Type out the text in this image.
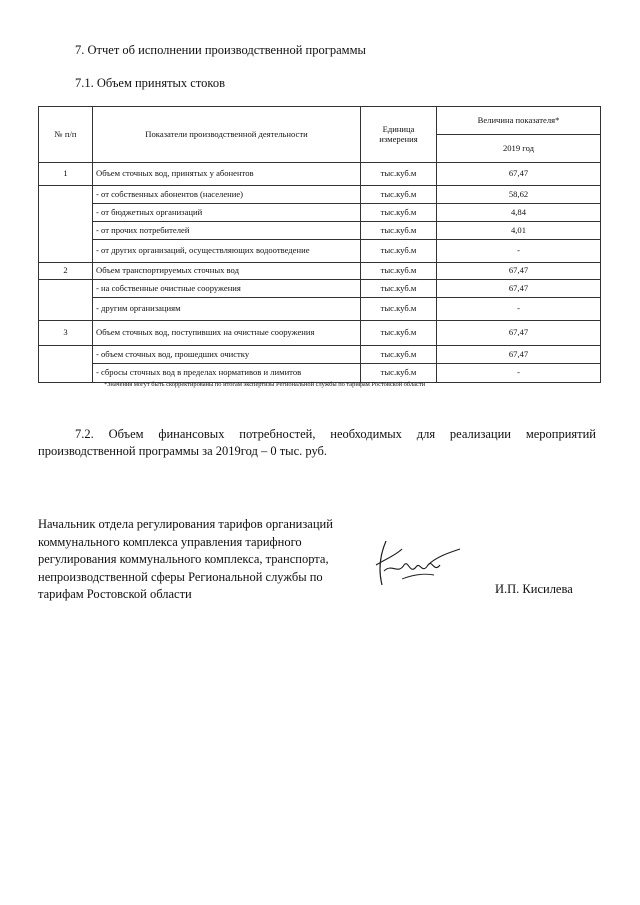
7. Отчет об исполнении производственной программы
7.1. Объем принятых стоков
№ п/п	Показатели производственной деятельности	Единица измерения	Величина показателя*
			2019 год
1	Объем сточных вод, принятых у абонентов	тыс.куб.м	67,47
	- от собственных абонентов (население)	тыс.куб.м	58,62
	- от бюджетных организаций	тыс.куб.м	4,84
	- от прочих потребителей	тыс.куб.м	4,01
	- от других организаций, осуществляющих водоотведение	тыс.куб.м	-
2	Объем транспортируемых сточных вод	тыс.куб.м	67,47
	- на собственные очистные сооружения	тыс.куб.м	67,47
	- другим организациям	тыс.куб.м	-
3	Объем сточных вод, поступивших на очистные сооружения	тыс.куб.м	67,47
	- объем сточных вод, прошедших очистку	тыс.куб.м	67,47
	- сбросы сточных вод в пределах нормативов и лимитов	тыс.куб.м	-
*Значения могут быть скорректированы по итогам экспертизы Региональной службы по тарифам Ростовской области
7.2. Объем финансовых потребностей, необходимых для реализации мероприятий производственной программы за 2019год – 0 тыс. руб.
Начальник отдела регулирования тарифов организаций
коммунального комплекса управления тарифного
регулирования коммунального комплекса, транспорта,
непроизводственной сферы Региональной службы по
тарифам Ростовской области	И.П. Кисилева
